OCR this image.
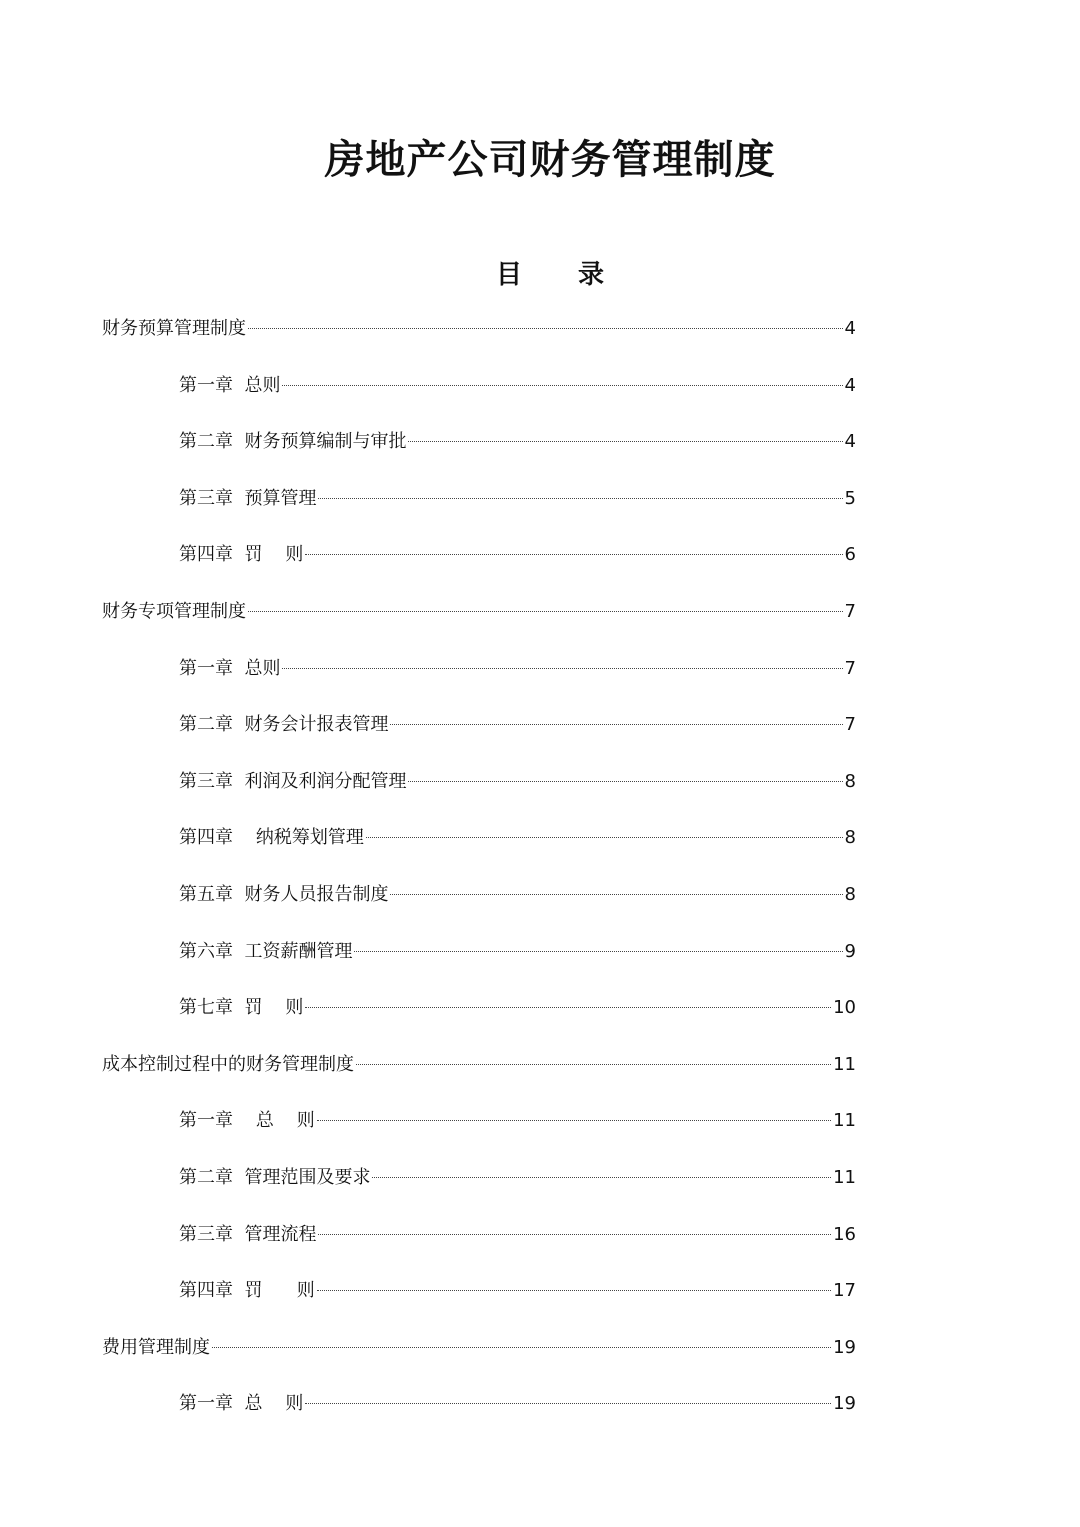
房地产公司财务管理制度
目 录
财务预算管理制度	4
第一章  总则	4
第二章  财务预算编制与审批	4
第三章  预算管理	5
第四章  罚    则	6
财务专项管理制度	7
第一章  总则	7
第二章  财务会计报表管理	7
第三章  利润及利润分配管理	8
第四章    纳税筹划管理	8
第五章  财务人员报告制度	8
第六章  工资薪酬管理	9
第七章  罚    则	10
成本控制过程中的财务管理制度	11
第一章    总    则	11
第二章  管理范围及要求	11
第三章  管理流程	16
第四章  罚      则	17
费用管理制度	19
第一章  总    则	19
